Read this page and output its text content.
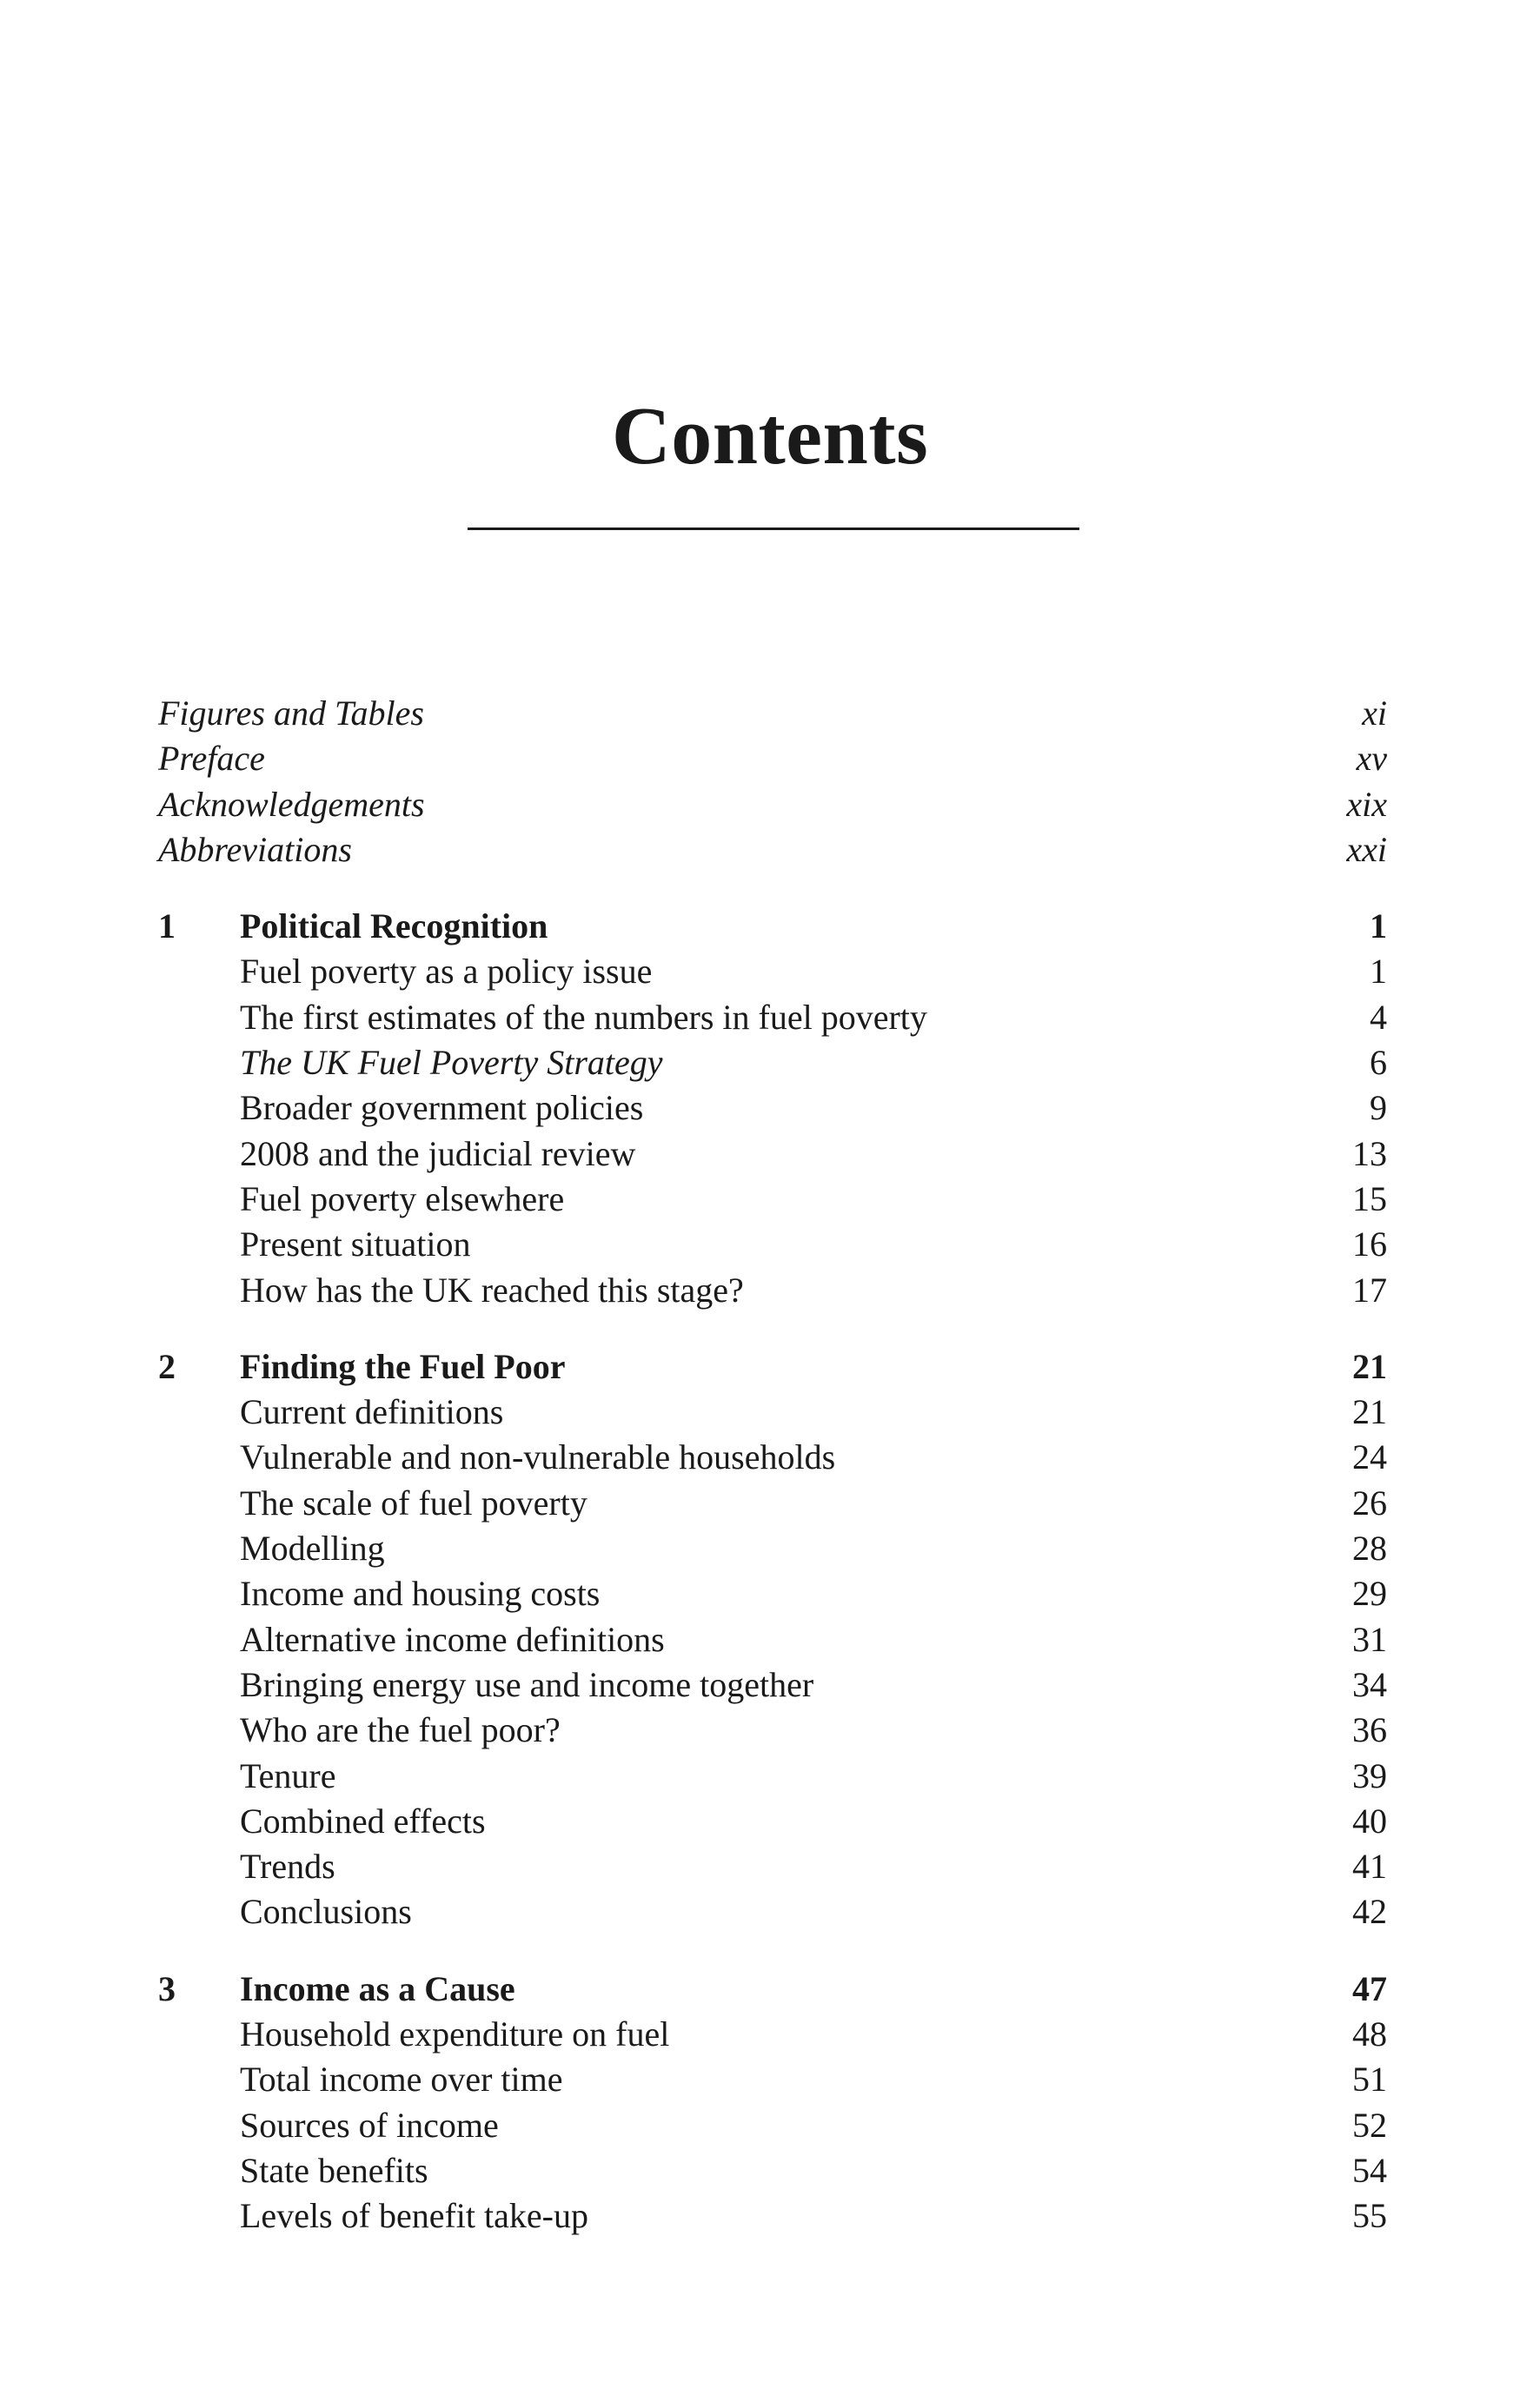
Contents
Figures and Tables	xi
Preface	xv
Acknowledgements	xix
Abbreviations	xxi
1	Political Recognition	1
Fuel poverty as a policy issue	1
The first estimates of the numbers in fuel poverty	4
The UK Fuel Poverty Strategy	6
Broader government policies	9
2008 and the judicial review	13
Fuel poverty elsewhere	15
Present situation	16
How has the UK reached this stage?	17
2	Finding the Fuel Poor	21
Current definitions	21
Vulnerable and non-vulnerable households	24
The scale of fuel poverty	26
Modelling	28
Income and housing costs	29
Alternative income definitions	31
Bringing energy use and income together	34
Who are the fuel poor?	36
Tenure	39
Combined effects	40
Trends	41
Conclusions	42
3	Income as a Cause	47
Household expenditure on fuel	48
Total income over time	51
Sources of income	52
State benefits	54
Levels of benefit take-up	55
